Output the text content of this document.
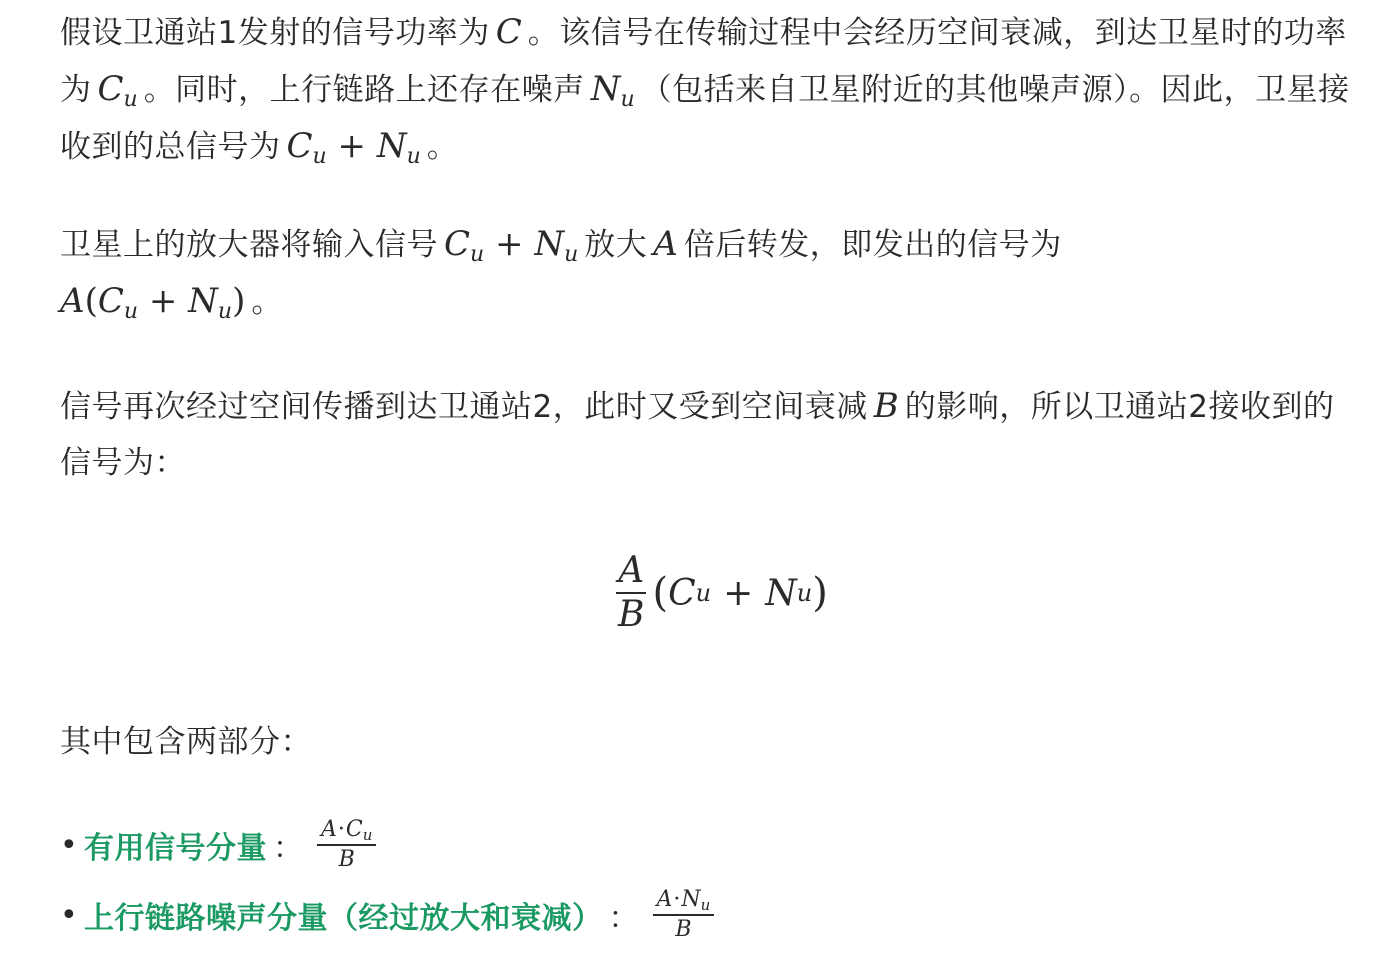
假设卫通站1发射的信号功率为 C 。该信号在传输过程中会经历空间衰减，到达卫星时的功率为 $C_u$ 。同时，上行链路上还存在噪声 $N_u$ （包括来自卫星附近的其他噪声源）。因此，卫星接收到的总信号为 $C_u + N_u$ 。

卫星上的放大器将输入信号 $C_u + N_u$ 放大 A 倍后转发，即发出的信号为
$A(C_u + N_u)$ 。

信号再次经过空间传播到达卫通站2，此时又受到空间衰减 B 的影响，所以卫通站2接收到的信号为：

$\frac{A}{B}$ ( C u + N u )

其中包含两部分：

• 有用信号分量 ： $\frac{A\cdot C_u}{B}$
• 上行链路噪声分量（经过放大和衰减） ： $\frac{A\cdot N_u}{B}$
